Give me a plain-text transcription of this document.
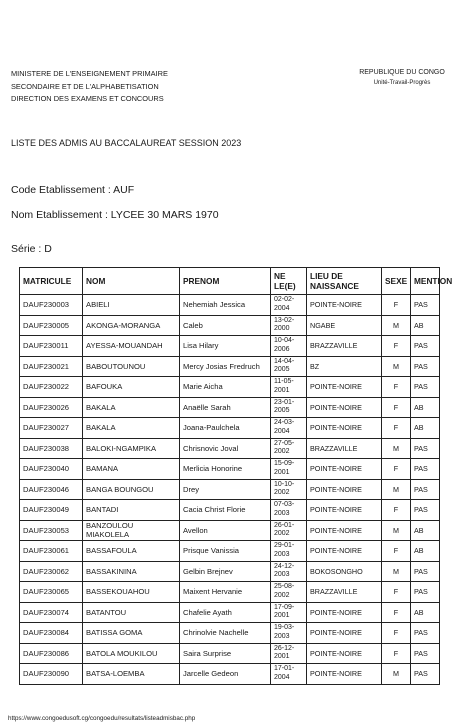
MINISTERE DE L'ENSEIGNEMENT PRIMAIRE
SECONDAIRE ET DE L'ALPHABETISATION
DIRECTION DES EXAMENS ET CONCOURS
REPUBLIQUE DU CONGO
Unité-Travail-Progrès
LISTE DES ADMIS AU BACCALAUREAT SESSION 2023
Code Etablissement : AUF
Nom Etablissement : LYCEE 30 MARS 1970
Série : D
MATRICULE	NOM	PRENOM	NE LE(E)	LIEU DE NAISSANCE	SEXE	MENTION
DAUF230003	ABIELI	Nehemiah Jessica	02-02-2004	POINTE-NOIRE	F	PAS
DAUF230005	AKONGA-MORANGA	Caleb	13-02-2000	NGABE	M	AB
DAUF230011	AYESSA-MOUANDAH	Lisa Hilary	10-04-2006	BRAZZAVILLE	F	PAS
DAUF230021	BABOUTOUNOU	Mercy Josias Fredruch	14-04-2005	BZ	M	PAS
DAUF230022	BAFOUKA	Marie Aicha	11-05-2001	POINTE-NOIRE	F	PAS
DAUF230026	BAKALA	Anaëlle Sarah	23-01-2005	POINTE-NOIRE	F	AB
DAUF230027	BAKALA	Joana-Paulchela	24-03-2004	POINTE-NOIRE	F	AB
DAUF230038	BALOKI-NGAMPIKA	Chrisnovic Joval	27-05-2002	BRAZZAVILLE	M	PAS
DAUF230040	BAMANA	Merlicia Honorine	15-09-2001	POINTE-NOIRE	F	PAS
DAUF230046	BANGA BOUNGOU	Drey	10-10-2002	POINTE-NOIRE	M	PAS
DAUF230049	BANTADI	Cacia Christ Florie	07-03-2003	POINTE-NOIRE	F	PAS
DAUF230053	BANZOULOU MIAKOLELA	Avellon	26-01-2002	POINTE-NOIRE	M	AB
DAUF230061	BASSAFOULA	Prisque Vanissia	29-01-2003	POINTE-NOIRE	F	AB
DAUF230062	BASSAKININA	Gelbin Brejnev	24-12-2003	BOKOSONGHO	M	PAS
DAUF230065	BASSEKOUAHOU	Maixent Hervanie	25-08-2002	BRAZZAVILLE	F	PAS
DAUF230074	BATANTOU	Chafelie Ayath	17-09-2001	POINTE-NOIRE	F	AB
DAUF230084	BATISSA GOMA	Chrinolvie Nachelle	19-03-2003	POINTE-NOIRE	F	PAS
DAUF230086	BATOLA MOUKILOU	Saira Surprise	26-12-2001	POINTE-NOIRE	F	PAS
DAUF230090	BATSA-LOEMBA	Jarcelle Gedeon	17-01-2004	POINTE-NOIRE	M	PAS
https://www.congoedusoft.cg/congoedu/resultats/listeadmisbac.php
